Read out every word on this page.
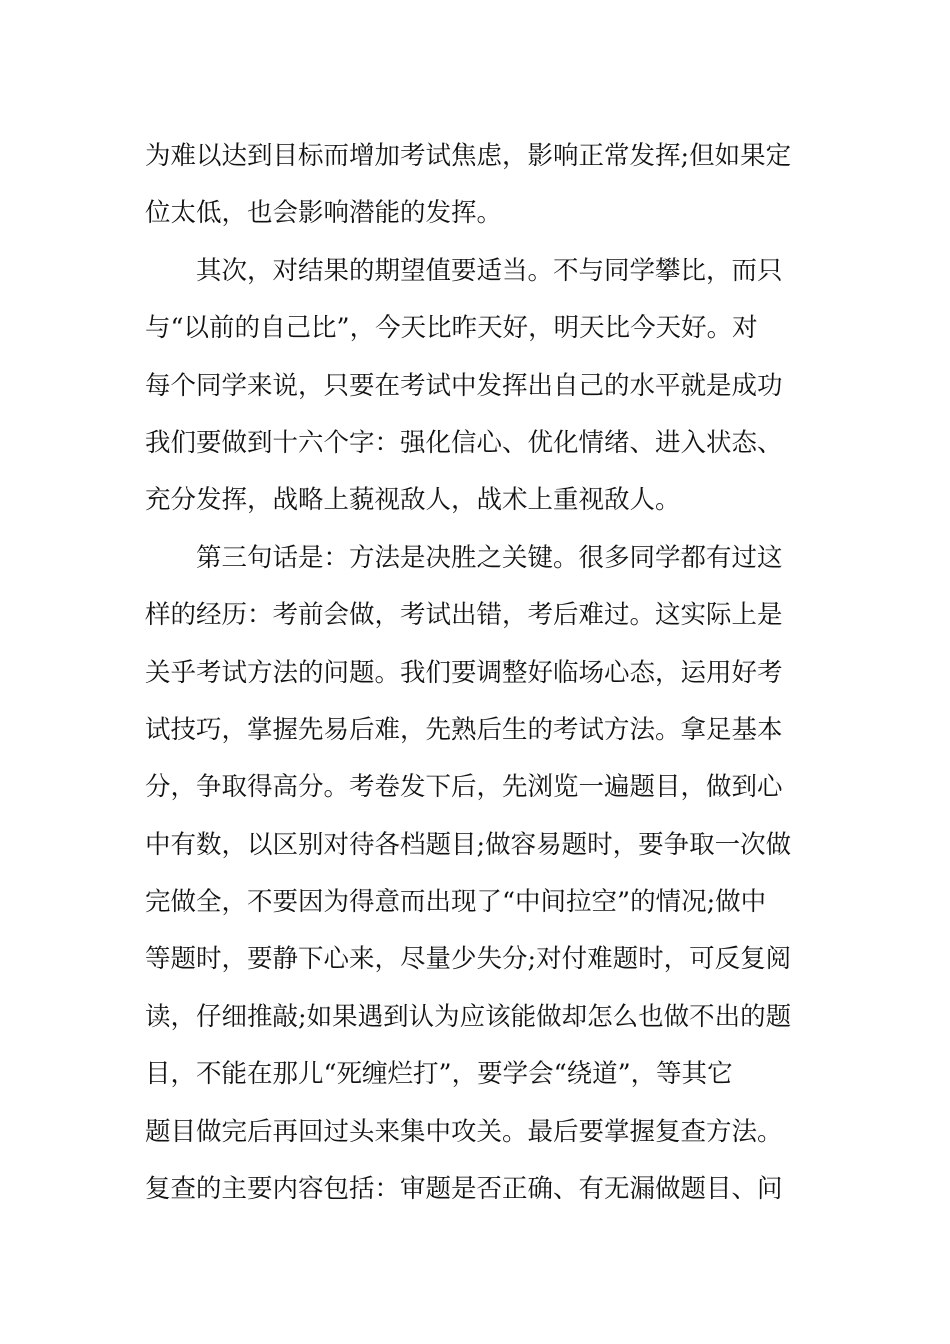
为难以达到目标而增加考试焦虑，影响正常发挥;但如果定
位太低，也会影响潜能的发挥。
其次，对结果的期望值要适当。不与同学攀比，而只
与“以前的自己比”，今天比昨天好，明天比今天好。对
每个同学来说，只要在考试中发挥出自己的水平就是成功
我们要做到十六个字：强化信心、优化情绪、进入状态、
充分发挥，战略上藐视敌人，战术上重视敌人。
第三句话是：方法是决胜之关键。很多同学都有过这
样的经历：考前会做，考试出错，考后难过。这实际上是
关乎考试方法的问题。我们要调整好临场心态，运用好考
试技巧，掌握先易后难，先熟后生的考试方法。拿足基本
分，争取得高分。考卷发下后，先浏览一遍题目，做到心
中有数，以区别对待各档题目;做容易题时，要争取一次做
完做全，不要因为得意而出现了“中间拉空”的情况;做中
等题时，要静下心来，尽量少失分;对付难题时，可反复阅
读，仔细推敲;如果遇到认为应该能做却怎么也做不出的题
目，不能在那儿“死缠烂打”，要学会“绕道”，等其它
题目做完后再回过头来集中攻关。最后要掌握复查方法。
复查的主要内容包括：审题是否正确、有无漏做题目、问
